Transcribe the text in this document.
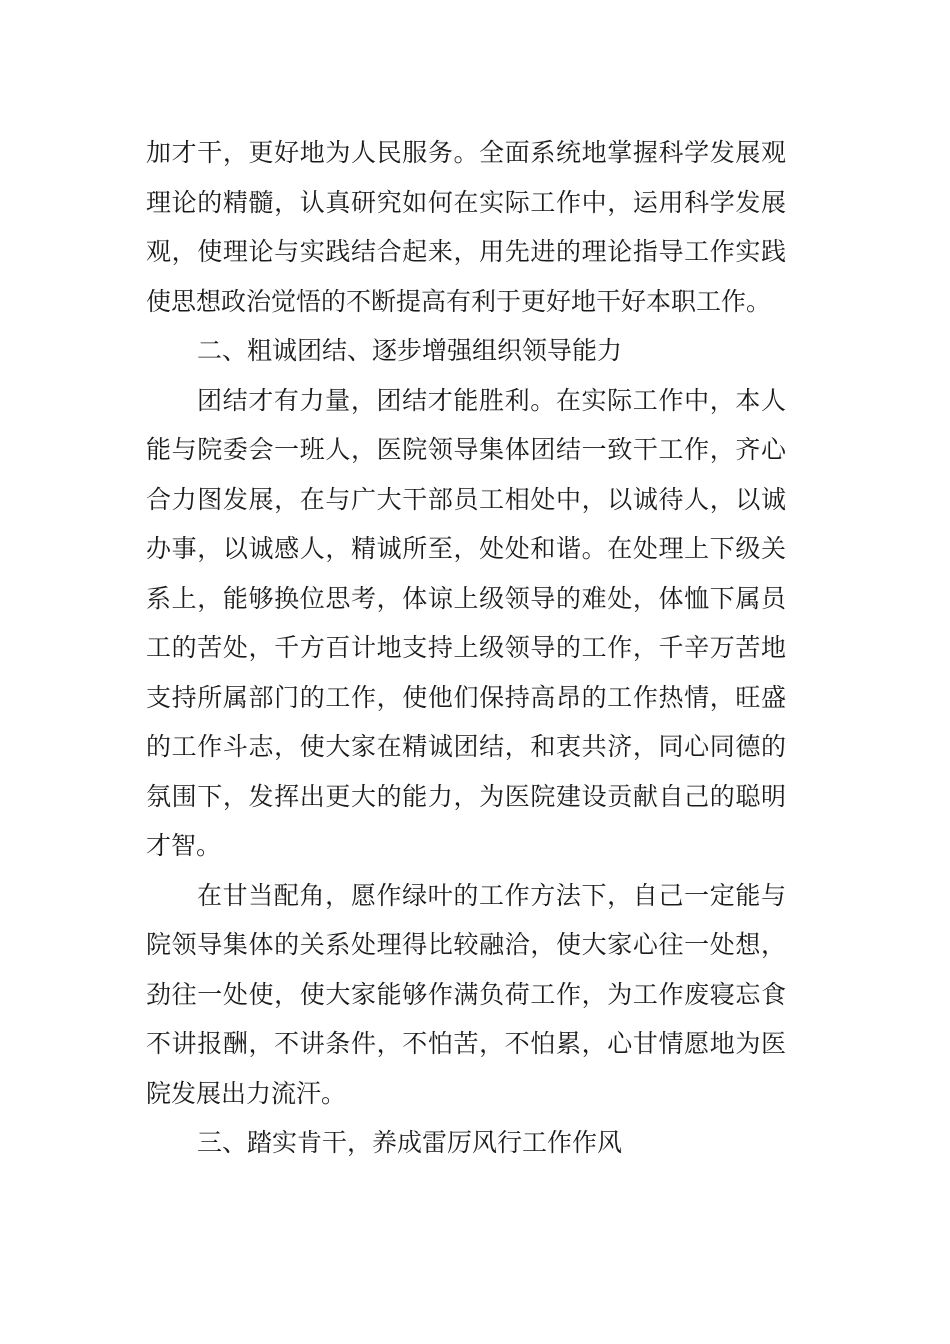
加才干，更好地为人民服务。全面系统地掌握科学发展观
理论的精髓，认真研究如何在实际工作中，运用科学发展
观，使理论与实践结合起来，用先进的理论指导工作实践
使思想政治觉悟的不断提高有利于更好地干好本职工作。
二、粗诚团结、逐步增强组织领导能力
团结才有力量，团结才能胜利。在实际工作中，本人
能与院委会一班人，医院领导集体团结一致干工作，齐心
合力图发展，在与广大干部员工相处中，以诚待人，以诚
办事，以诚感人，精诚所至，处处和谐。在处理上下级关
系上，能够换位思考，体谅上级领导的难处，体恤下属员
工的苦处，千方百计地支持上级领导的工作，千辛万苦地
支持所属部门的工作，使他们保持高昂的工作热情，旺盛
的工作斗志，使大家在精诚团结，和衷共济，同心同德的
氛围下，发挥出更大的能力，为医院建设贡献自己的聪明
才智。
在甘当配角，愿作绿叶的工作方法下，自己一定能与
院领导集体的关系处理得比较融洽，使大家心往一处想，
劲往一处使，使大家能够作满负荷工作，为工作废寝忘食
不讲报酬，不讲条件，不怕苦，不怕累，心甘情愿地为医
院发展出力流汗。
三、踏实肯干，养成雷厉风行工作作风
